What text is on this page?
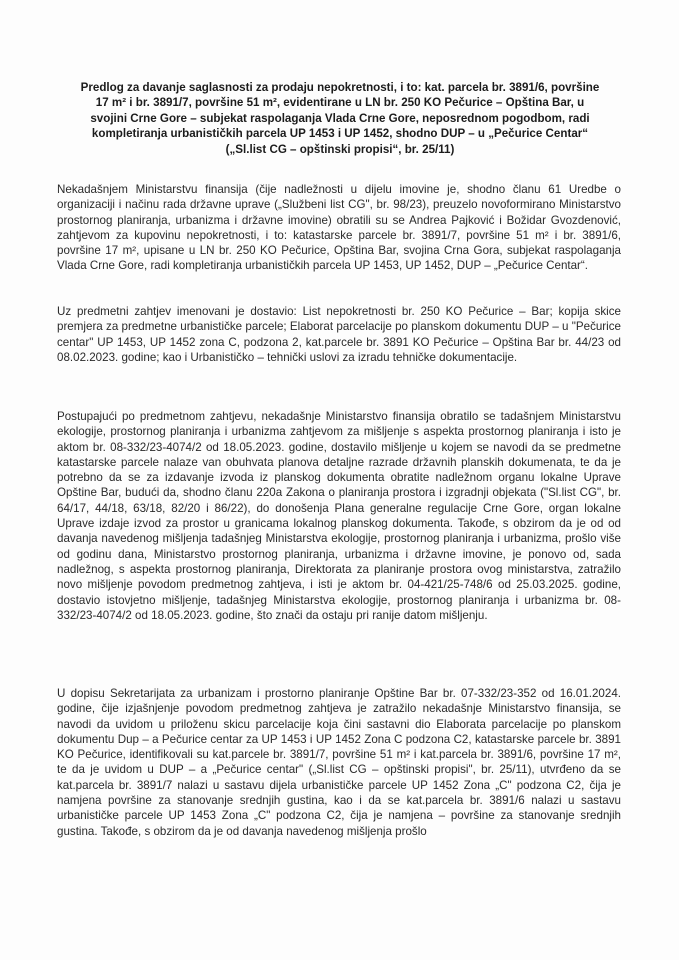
Predlog za davanje saglasnosti za prodaju nepokretnosti, i to: kat. parcela br. 3891/6, površine 17 m² i br. 3891/7, površine 51 m², evidentirane u LN br. 250 KO Pečurice – Opština Bar, u svojini Crne Gore – subjekat raspolaganja Vlada Crne Gore, neposrednom pogodbom, radi kompletiranja urbanističkih parcela UP 1453 i UP 1452, shodno DUP – u „Pečurice Centar“ („Sl.list CG – opštinski propisi“, br. 25/11)

Nekadašnjem Ministarstvu finansija (čije nadležnosti u dijelu imovine je, shodno članu 61 Uredbe o organizaciji i načinu rada državne uprave („Službeni list CG", br. 98/23), preuzelo novoformirano Ministarstvo prostornog planiranja, urbanizma i državne imovine) obratili su se Andrea Pajković i Božidar Gvozdenović, zahtjevom za kupovinu nepokretnosti, i to: katastarske parcele br. 3891/7, površine 51 m² i br. 3891/6, površine 17 m², upisane u LN br. 250 KO Pečurice, Opština Bar, svojina Crna Gora, subjekat raspolaganja Vlada Crne Gore, radi kompletiranja urbanističkih parcela UP 1453, UP 1452, DUP – „Pečurice Centar“.

Uz predmetni zahtjev imenovani je dostavio: List nepokretnosti br. 250 KO Pečurice – Bar; kopija skice premjera za predmetne urbanističke parcele; Elaborat parcelacije po planskom dokumentu DUP – u "Pečurice centar" UP 1453, UP 1452 zona C, podzona 2, kat.parcele br. 3891 KO Pečurice – Opština Bar br. 44/23 od 08.02.2023. godine; kao i Urbanističko – tehnički uslovi za izradu tehničke dokumentacije.

Postupajući po predmetnom zahtjevu, nekadašnje Ministarstvo finansija obratilo se tadašnjem Ministarstvu ekologije, prostornog planiranja i urbanizma zahtjevom za mišljenje s aspekta prostornog planiranja i isto je aktom br. 08-332/23-4074/2 od 18.05.2023. godine, dostavilo mišljenje u kojem se navodi da se predmetne katastarske parcele nalaze van obuhvata planova detaljne razrade državnih planskih dokumenata, te da je potrebno da se za izdavanje izvoda iz planskog dokumenta obratite nadležnom organu lokalne Uprave Opštine Bar, budući da, shodno članu 220a Zakona o planiranja prostora i izgradnji objekata ("Sl.list CG", br. 64/17, 44/18, 63/18, 82/20 i 86/22), do donošenja Plana generalne regulacije Crne Gore, organ lokalne Uprave izdaje izvod za prostor u granicama lokalnog planskog dokumenta. Takođe, s obzirom da je od od davanja navedenog mišljenja tadašnjeg Ministarstva ekologije, prostornog planiranja i urbanizma, prošlo više od godinu dana, Ministarstvo prostornog planiranja, urbanizma i državne imovine, je ponovo od, sada nadležnog, s aspekta prostornog planiranja, Direktorata za planiranje prostora ovog ministarstva, zatražilo novo mišljenje povodom predmetnog zahtjeva, i isti je aktom br. 04-421/25-748/6 od 25.03.2025. godine, dostavio istovjetno mišljenje, tadašnjeg Ministarstva ekologije, prostornog planiranja i urbanizma br. 08-332/23-4074/2 od 18.05.2023. godine, što znači da ostaju pri ranije datom mišljenju.

U dopisu Sekretarijata za urbanizam i prostorno planiranje Opštine Bar br. 07-332/23-352 od 16.01.2024. godine, čije izjašnjenje povodom predmetnog zahtjeva je zatražilo nekadašnje Ministarstvo finansija, se navodi da uvidom u priloženu skicu parcelacije koja čini sastavni dio Elaborata parcelacije po planskom dokumentu Dup – a Pečurice centar za UP 1453 i UP 1452 Zona C podzona C2, katastarske parcele br. 3891 KO Pečurice, identifikovali su kat.parcele br. 3891/7, površine 51 m² i kat.parcela br. 3891/6, površine 17 m², te da je uvidom u DUP – a „Pečurice centar" („Sl.list CG – opštinski propisi", br. 25/11), utvrđeno da se kat.parcela br. 3891/7 nalazi u sastavu dijela urbanističke parcele UP 1452 Zona „C" podzona C2, čija je namjena površine za stanovanje srednjih gustina, kao i da se kat.parcela br. 3891/6 nalazi u sastavu urbanističke parcele UP 1453 Zona „C" podzona C2, čija je namjena – površine za stanovanje srednjih gustina. Takođe, s obzirom da je od davanja navedenog mišljenja prošlo
